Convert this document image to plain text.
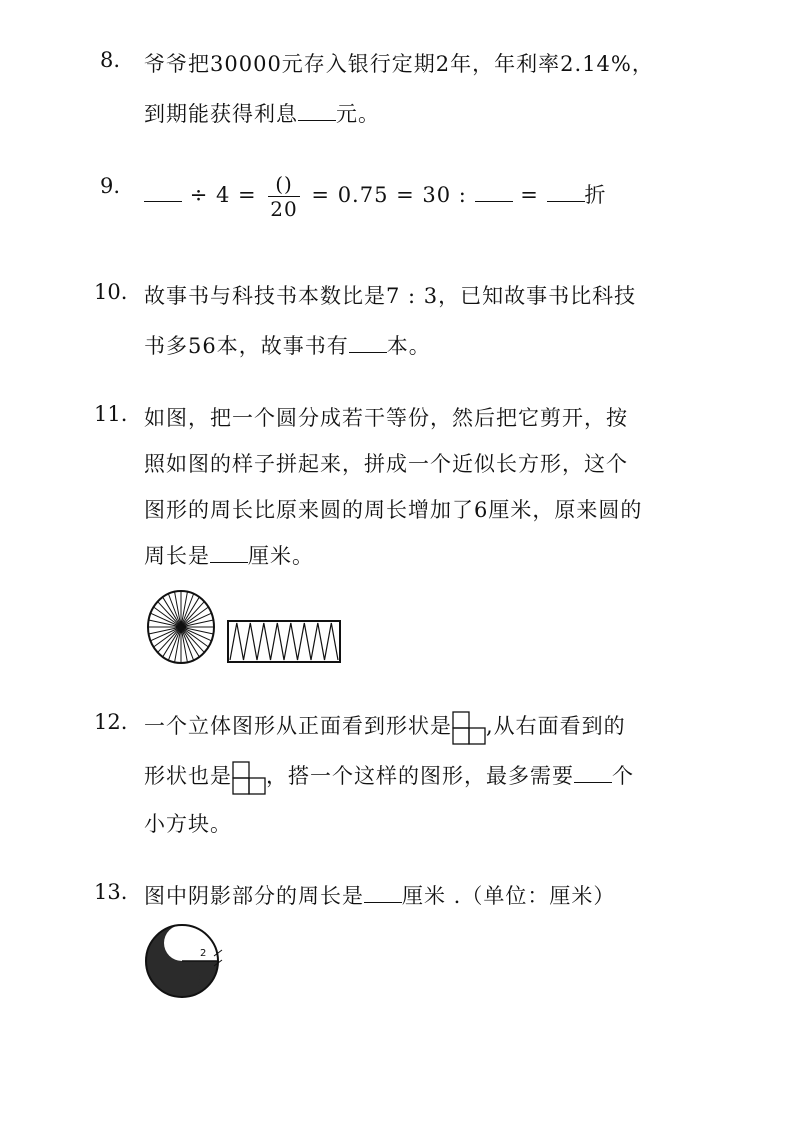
8. 爷爷把30000元存入银行定期2年，年利率2.14%，
到期能获得利息 元。
9.	÷ $4 = \frac{()}{20} = 0.75 = 30$ :	= 折
10. 故事书与科技书本数比是7 : 3，已知故事书比科技
书多56本，故事书有 本。
11. 如图，把一个圆分成若干等份，然后把它剪开，按
照如图的样子拼起来，拼成一个近似长方形，这个
图形的周长比原来圆的周长增加了6厘米，原来圆的
周长是 厘米。
12. 一个立体图形从正面看到形状是 ,从右面看到的
形状也是 ，搭一个这样的图形，最多需要 个
小方块。
13. 图中阴影部分的周长是 厘米 .（单位：厘米）
2
